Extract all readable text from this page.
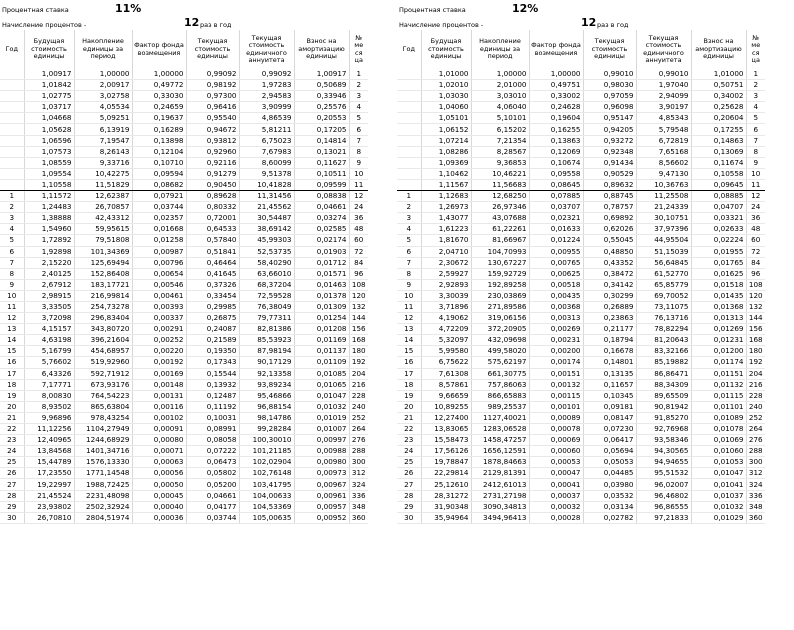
Процентная ставка	11%
Начисление процентов -	12 раз в год
Год	Будущая стоимость единицы	Накопление единицы за период	Фактор фонда возмещения	Текущая стоимость единицы	Текущая стоимость единичного аннуитета	Взнос на амортизацию единицы	№ ме ся ца
	1,00917	1,00000	1,00000	0,99092	0,99092	1,00917	1
	1,01842	2,00917	0,49772	0,98192	1,97283	0,50689	2
	1,02775	3,02758	0,33030	0,97300	2,94583	0,33946	3
	1,03717	4,05534	0,24659	0,96416	3,90999	0,25576	4
	1,04668	5,09251	0,19637	0,95540	4,86539	0,20553	5
	1,05628	6,13919	0,16289	0,94672	5,81211	0,17205	6
	1,06596	7,19547	0,13898	0,93812	6,75023	0,14814	7
	1,07573	8,26143	0,12104	0,92960	7,67983	0,13021	8
	1,08559	9,33716	0,10710	0,92116	8,60099	0,11627	9
	1,09554	10,42275	0,09594	0,91279	9,51378	0,10511	10
	1,10558	11,51829	0,08682	0,90450	10,41828	0,09599	11
1	1,11572	12,62387	0,07921	0,89628	11,31456	0,08838	12
2	1,24483	26,70857	0,03744	0,80332	21,45562	0,04661	24
3	1,38888	42,43312	0,02357	0,72001	30,54487	0,03274	36
4	1,54960	59,95615	0,01668	0,64533	38,69142	0,02585	48
5	1,72892	79,51808	0,01258	0,57840	45,99303	0,02174	60
6	1,92898	101,34369	0,00987	0,51841	52,53735	0,01903	72
7	2,15220	125,69494	0,00796	0,46464	58,40290	0,01712	84
8	2,40125	152,86408	0,00654	0,41645	63,66010	0,01571	96
9	2,67912	183,17721	0,00546	0,37326	68,37204	0,01463	108
10	2,98915	216,99814	0,00461	0,33454	72,59528	0,01378	120
11	3,33505	254,73278	0,00393	0,29985	76,38049	0,01309	132
12	3,72098	296,83404	0,00337	0,26875	79,77311	0,01254	144
13	4,15157	343,80720	0,00291	0,24087	82,81386	0,01208	156
14	4,63198	396,21604	0,00252	0,21589	85,53923	0,01169	168
15	5,16799	454,68957	0,00220	0,19350	87,98194	0,01137	180
16	5,76602	519,92960	0,00192	0,17343	90,17129	0,01109	192
17	6,43326	592,71912	0,00169	0,15544	92,13358	0,01085	204
18	7,17771	673,93176	0,00148	0,13932	93,89234	0,01065	216
19	8,00830	764,54223	0,00131	0,12487	95,46866	0,01047	228
20	8,93502	865,63804	0,00116	0,11192	96,88154	0,01032	240
21	9,96896	978,43254	0,00102	0,10031	98,14786	0,01019	252
22	11,12256	1104,27949	0,00091	0,08991	99,28284	0,01007	264
23	12,40965	1244,68929	0,00080	0,08058	100,30010	0,00997	276
24	13,84568	1401,34716	0,00071	0,07222	101,21185	0,00988	288
25	15,44789	1576,13330	0,00063	0,06473	102,02904	0,00980	300
26	17,23550	1771,14548	0,00056	0,05802	102,76148	0,00973	312
27	19,22997	1988,72425	0,00050	0,05200	103,41795	0,00967	324
28	21,45524	2231,48098	0,00045	0,04661	104,00633	0,00961	336
29	23,93802	2502,32924	0,00040	0,04177	104,53369	0,00957	348
30	26,70810	2804,51974	0,00036	0,03744	105,00635	0,00952	360
Процентная ставка	12%
Начисление процентов -	12 раз в год
Год	Будущая стоимость единицы	Накопление единицы за период	Фактор фонда возмещения	Текущая стоимость единицы	Текущая стоимость единичного аннуитета	Взнос на амортизацию единицы	№ ме ся ца
	1,01000	1,00000	1,00000	0,99010	0,99010	1,01000	1
	1,02010	2,01000	0,49751	0,98030	1,97040	0,50751	2
	1,03030	3,03010	0,33002	0,97059	2,94099	0,34002	3
	1,04060	4,06040	0,24628	0,96098	3,90197	0,25628	4
	1,05101	5,10101	0,19604	0,95147	4,85343	0,20604	5
	1,06152	6,15202	0,16255	0,94205	5,79548	0,17255	6
	1,07214	7,21354	0,13863	0,93272	6,72819	0,14863	7
	1,08286	8,28567	0,12069	0,92348	7,65168	0,13069	8
	1,09369	9,36853	0,10674	0,91434	8,56602	0,11674	9
	1,10462	10,46221	0,09558	0,90529	9,47130	0,10558	10
	1,11567	11,56683	0,08645	0,89632	10,36763	0,09645	11
1	1,12683	12,68250	0,07885	0,88745	11,25508	0,08885	12
2	1,26973	26,97346	0,03707	0,78757	21,24339	0,04707	24
3	1,43077	43,07688	0,02321	0,69892	30,10751	0,03321	36
4	1,61223	61,22261	0,01633	0,62026	37,97396	0,02633	48
5	1,81670	81,66967	0,01224	0,55045	44,95504	0,02224	60
6	2,04710	104,70993	0,00955	0,48850	51,15039	0,01955	72
7	2,30672	130,67227	0,00765	0,43352	56,64845	0,01765	84
8	2,59927	159,92729	0,00625	0,38472	61,52770	0,01625	96
9	2,92893	192,89258	0,00518	0,34142	65,85779	0,01518	108
10	3,30039	230,03869	0,00435	0,30299	69,70052	0,01435	120
11	3,71896	271,89586	0,00368	0,26889	73,11075	0,01368	132
12	4,19062	319,06156	0,00313	0,23863	76,13716	0,01313	144
13	4,72209	372,20905	0,00269	0,21177	78,82294	0,01269	156
14	5,32097	432,09698	0,00231	0,18794	81,20643	0,01231	168
15	5,99580	499,58020	0,00200	0,16678	83,32166	0,01200	180
16	6,75622	575,62197	0,00174	0,14801	85,19882	0,01174	192
17	7,61308	661,30775	0,00151	0,13135	86,86471	0,01151	204
18	8,57861	757,86063	0,00132	0,11657	88,34309	0,01132	216
19	9,66659	866,65883	0,00115	0,10345	89,65509	0,01115	228
20	10,89255	989,25537	0,00101	0,09181	90,81942	0,01101	240
21	12,27400	1127,40021	0,00089	0,08147	91,85270	0,01089	252
22	13,83065	1283,06528	0,00078	0,07230	92,76968	0,01078	264
23	15,58473	1458,47257	0,00069	0,06417	93,58346	0,01069	276
24	17,56126	1656,12591	0,00060	0,05694	94,30565	0,01060	288
25	19,78847	1878,84663	0,00053	0,05053	94,94655	0,01053	300
26	22,29814	2129,81391	0,00047	0,04485	95,51532	0,01047	312
27	25,12610	2412,61013	0,00041	0,03980	96,02007	0,01041	324
28	28,31272	2731,27198	0,00037	0,03532	96,46802	0,01037	336
29	31,90348	3090,34813	0,00032	0,03134	96,86555	0,01032	348
30	35,94964	3494,96413	0,00028	0,02782	97,21833	0,01029	360
